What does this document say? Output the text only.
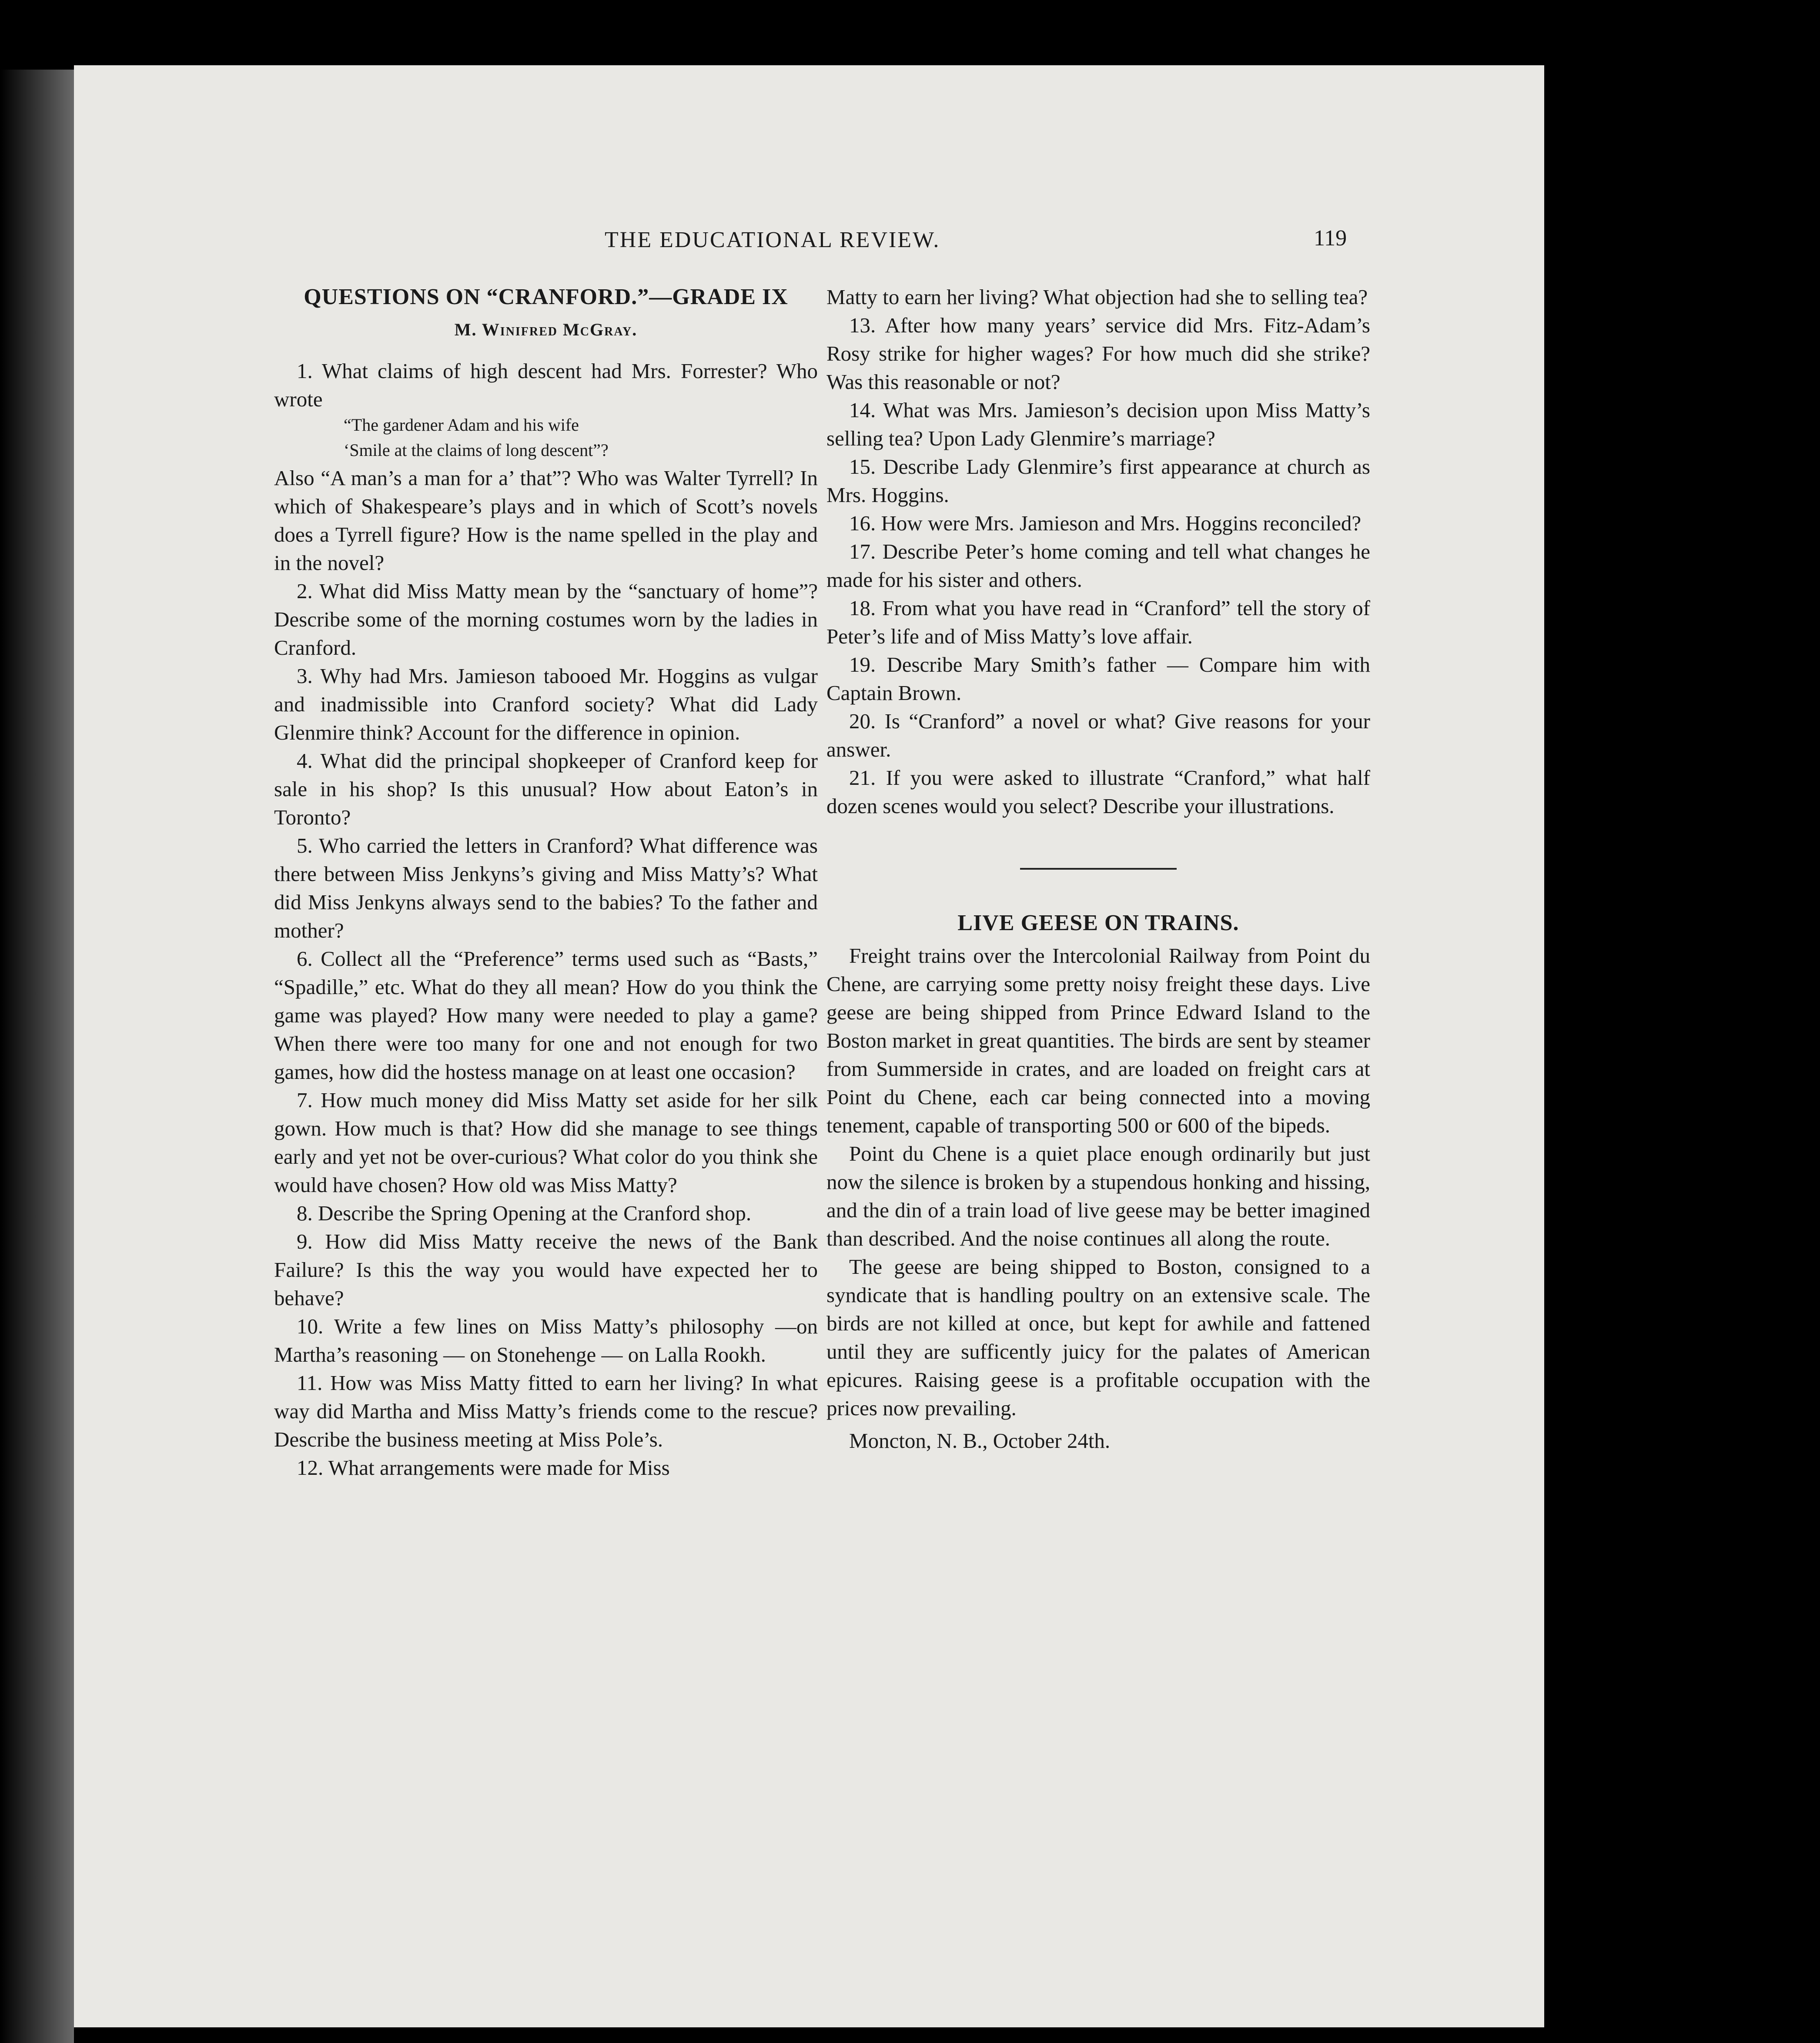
THE EDUCATIONAL REVIEW.	119
QUESTIONS ON “CRANFORD.”—GRADE IX
M. Winifred McGray.

1. What claims of high descent had Mrs. Forrester? Who wrote

“The gardener Adam and his wife

‘Smile at the claims of long descent”?

Also “A man’s a man for a’ that”? Who was Walter Tyrrell? In which of Shakespeare’s plays and in which of Scott’s novels does a Tyrrell figure? How is the name spelled in the play and in the novel?

2. What did Miss Matty mean by the “sanctuary of home”? Describe some of the morning costumes worn by the ladies in Cranford.

3. Why had Mrs. Jamieson tabooed Mr. Hoggins as vulgar and inadmissible into Cranford society? What did Lady Glenmire think? Account for the difference in opinion.

4. What did the principal shopkeeper of Cranford keep for sale in his shop? Is this unusual? How about Eaton’s in Toronto?

5. Who carried the letters in Cranford? What difference was there between Miss Jenkyns’s giving and Miss Matty’s? What did Miss Jenkyns always send to the babies? To the father and mother?

6. Collect all the “Preference” terms used such as “Basts,” “Spadille,” etc. What do they all mean? How do you think the game was played? How many were needed to play a game? When there were too many for one and not enough for two games, how did the hostess manage on at least one occasion?

7. How much money did Miss Matty set aside for her silk gown. How much is that? How did she manage to see things early and yet not be over-curious? What color do you think she would have chosen? How old was Miss Matty?

8. Describe the Spring Opening at the Cranford shop.

9. How did Miss Matty receive the news of the Bank Failure? Is this the way you would have expected her to behave?

10. Write a few lines on Miss Matty’s philosophy —on Martha’s reasoning — on Stonehenge — on Lalla Rookh.

11. How was Miss Matty fitted to earn her living? In what way did Martha and Miss Matty’s friends come to the rescue? Describe the business meeting at Miss Pole’s.

12. What arrangements were made for Miss

Matty to earn her living? What objection had she to selling tea?

13. After how many years’ service did Mrs. Fitz-Adam’s Rosy strike for higher wages? For how much did she strike? Was this reasonable or not?

14. What was Mrs. Jamieson’s decision upon Miss Matty’s selling tea? Upon Lady Glenmire’s marriage?

15. Describe Lady Glenmire’s first appearance at church as Mrs. Hoggins.

16. How were Mrs. Jamieson and Mrs. Hoggins reconciled?

17. Describe Peter’s home coming and tell what changes he made for his sister and others.

18. From what you have read in “Cranford” tell the story of Peter’s life and of Miss Matty’s love affair.

19. Describe Mary Smith’s father — Compare him with Captain Brown.

20. Is “Cranford” a novel or what? Give reasons for your answer.

21. If you were asked to illustrate “Cranford,” what half dozen scenes would you select? Describe your illustrations.

LIVE GEESE ON TRAINS.

Freight trains over the Intercolonial Railway from Point du Chene, are carrying some pretty noisy freight these days. Live geese are being shipped from Prince Edward Island to the Boston market in great quantities. The birds are sent by steamer from Summerside in crates, and are loaded on freight cars at Point du Chene, each car being connected into a moving tenement, capable of transporting 500 or 600 of the bipeds.

Point du Chene is a quiet place enough ordinarily but just now the silence is broken by a stupendous honking and hissing, and the din of a train load of live geese may be better imagined than described. And the noise continues all along the route.

The geese are being shipped to Boston, consigned to a syndicate that is handling poultry on an extensive scale. The birds are not killed at once, but kept for awhile and fattened until they are sufficently juicy for the palates of American epicures. Raising geese is a profitable occupation with the prices now prevailing.

Moncton, N. B., October 24th.
